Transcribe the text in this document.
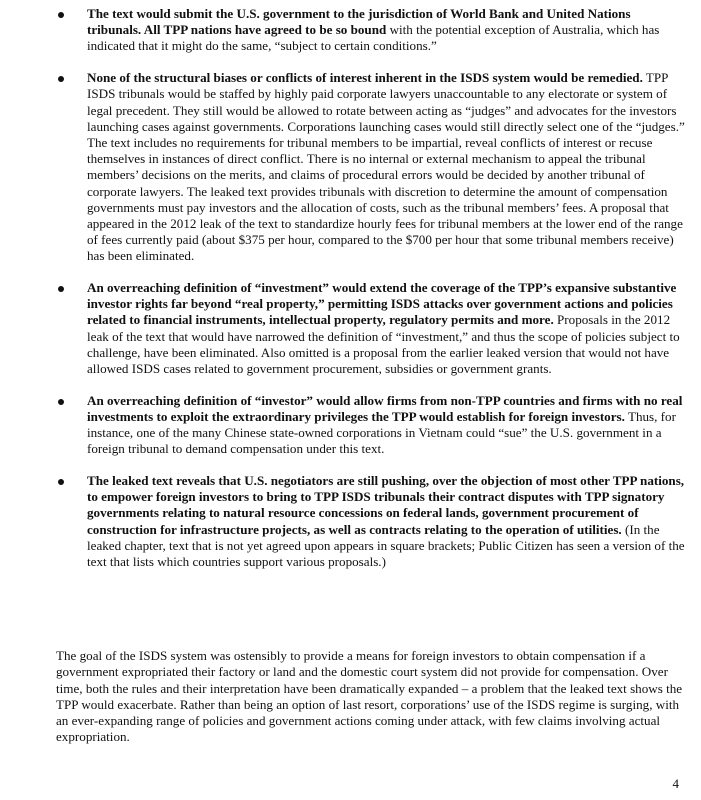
The text would submit the U.S. government to the jurisdiction of World Bank and United Nations tribunals. All TPP nations have agreed to be so bound with the potential exception of Australia, which has indicated that it might do the same, “subject to certain conditions.”
None of the structural biases or conflicts of interest inherent in the ISDS system would be remedied. TPP ISDS tribunals would be staffed by highly paid corporate lawyers unaccountable to any electorate or system of legal precedent. They still would be allowed to rotate between acting as “judges” and advocates for the investors launching cases against governments. Corporations launching cases would still directly select one of the “judges.” The text includes no requirements for tribunal members to be impartial, reveal conflicts of interest or recuse themselves in instances of direct conflict. There is no internal or external mechanism to appeal the tribunal members’ decisions on the merits, and claims of procedural errors would be decided by another tribunal of corporate lawyers. The leaked text provides tribunals with discretion to determine the amount of compensation governments must pay investors and the allocation of costs, such as the tribunal members’ fees. A proposal that appeared in the 2012 leak of the text to standardize hourly fees for tribunal members at the lower end of the range of fees currently paid (about $375 per hour, compared to the $700 per hour that some tribunal members receive) has been eliminated.
An overreaching definition of “investment” would extend the coverage of the TPP’s expansive substantive investor rights far beyond “real property,” permitting ISDS attacks over government actions and policies related to financial instruments, intellectual property, regulatory permits and more. Proposals in the 2012 leak of the text that would have narrowed the definition of “investment,” and thus the scope of policies subject to challenge, have been eliminated. Also omitted is a proposal from the earlier leaked version that would not have allowed ISDS cases related to government procurement, subsidies or government grants.
An overreaching definition of “investor” would allow firms from non-TPP countries and firms with no real investments to exploit the extraordinary privileges the TPP would establish for foreign investors. Thus, for instance, one of the many Chinese state-owned corporations in Vietnam could “sue” the U.S. government in a foreign tribunal to demand compensation under this text.
The leaked text reveals that U.S. negotiators are still pushing, over the objection of most other TPP nations, to empower foreign investors to bring to TPP ISDS tribunals their contract disputes with TPP signatory governments relating to natural resource concessions on federal lands, government procurement of construction for infrastructure projects, as well as contracts relating to the operation of utilities. (In the leaked chapter, text that is not yet agreed upon appears in square brackets; Public Citizen has seen a version of the text that lists which countries support various proposals.)

The goal of the ISDS system was ostensibly to provide a means for foreign investors to obtain compensation if a government expropriated their factory or land and the domestic court system did not provide for compensation. Over time, both the rules and their interpretation have been dramatically expanded – a problem that the leaked text shows the TPP would exacerbate. Rather than being an option of last resort, corporations’ use of the ISDS regime is surging, with an ever-expanding range of policies and government actions coming under attack, with few claims involving actual expropriation.

4
